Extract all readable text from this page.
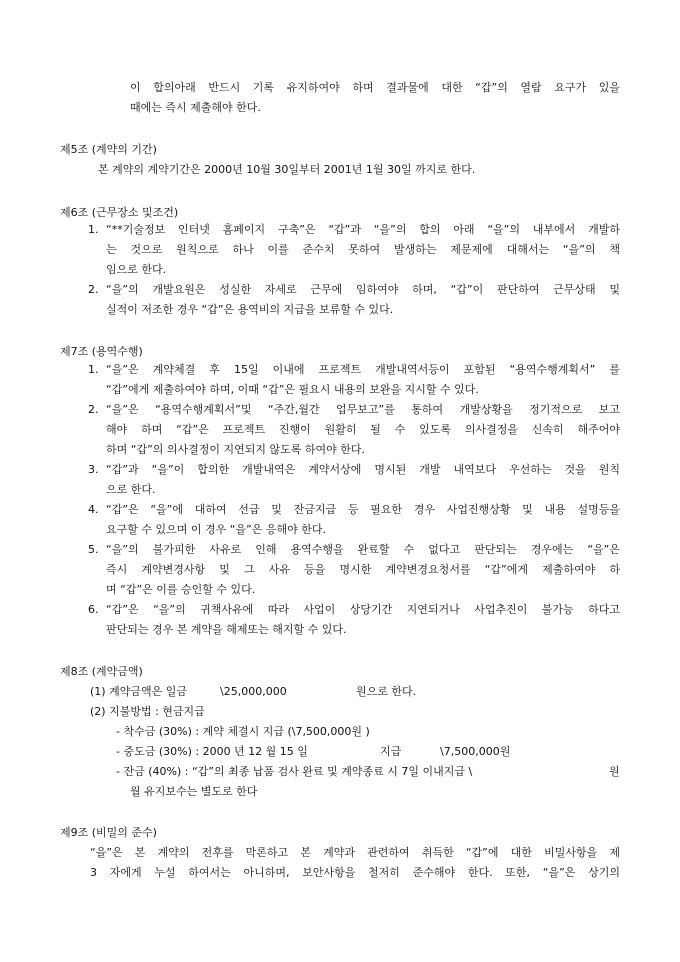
이 합의아래 반드시 기록 유지하여야 하며 결과물에 대한 “갑”의 열람 요구가 있을
때에는 즉시 제출해야 한다.
제5조 (계약의 기간)
본 계약의 계약기간은 2000년 10월 30일부터 2001년 1월 30일 까지로 한다.
제6조 (근무장소 및조건)
1. “**기술정보 인터넷 홈페이지 구축”은 “갑”과 “을”의 합의 아래 “을”의 내부에서 개발하
는 것으로 원칙으로 하나 이를 준수치 못하여 발생하는 제문제에 대해서는 “을”의 책
임으로 한다.
2. “을”의 개발요원은 성실한 자세로 근무에 임하여야 하며, “갑”이 판단하여 근무상태 및
실적이 저조한 경우 “갑”은 용역비의 지급을 보류할 수 있다.
제7조 (용역수행)
1. “을”은 계약체결 후 15일 이내에 프로젝트 개발내역서등이 포함된 “용역수행계획서” 를
“갑”에게 제출하여야 하며, 이때 “갑”은 필요시 내용의 보완을 지시할 수 있다.
2. “을”은 “용역수행계획서”및 “주간,월간 업무보고”를 통하여 개발상황을 정기적으로 보고
해야 하며 “갑”은 프로젝트 진행이 원활히 될 수 있도록 의사결정을 신속히 해주어야
하며 “갑”의 의사결정이 지연되지 않도록 하여야 한다.
3. “갑”과 “을”이 합의한 개발내역은 계약서상에 명시된 개발 내역보다 우선하는 것을 원칙
으로 한다.
4. “갑”은 “을”에 대하여 선급 및 잔금지급 등 필요한 경우 사업진행상황 및 내용 설명등을
요구할 수 있으며 이 경우 “을”은 응해야 한다.
5. “을”의 불가피한 사유로 인해 용역수행을 완료할 수 없다고 판단되는 경우에는 “을”은
즉시 계약변경사항 및 그 사유 등을 명시한 계약변경요청서를 “갑”에게 제출하여야 하
며 “갑”은 이를 승인할 수 있다.
6. “갑”은 “을”의 귀책사유에 따라 사업이 상당기간 지연되거나 사업추진이 불가능 하다고
판단되는 경우 본 계약을 해제또는 해지할 수 있다.
제8조 (계약금액)
(1) 계약금액은 일금	\25,000,000	원으로 한다.
(2) 지불방법 : 현금지급
- 착수금 (30%) : 계약 체결시 지급 (\7,500,000원 )
- 중도금 (30%) : 2000 년 12 월 15 일	지급	\7,500,000원
- 잔금 (40%) : “갑”의 최종 납품 검사 완료 및 계약종료 시 7일 이내지급 \	원
월 유지보수는 별도로 한다
제9조 (비밀의 준수)
“을”은 본 계약의 전후를 막론하고 본 계약과 관련하여 취득한 “갑”에 대한 비밀사항을 제
3 자에게 누설 하여서는 아니하며, 보안사항을 철저히 준수해야 한다. 또한, “을”은 상기의
